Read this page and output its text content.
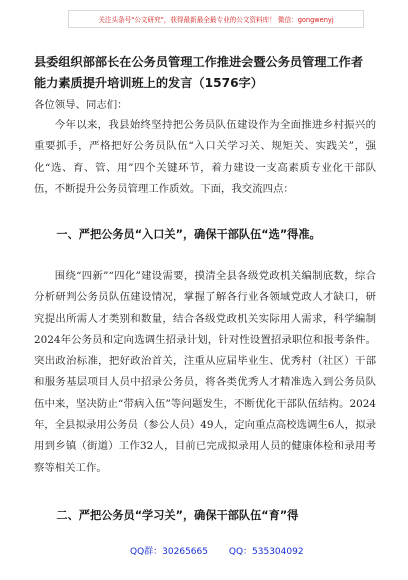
关注头条号"公文研究"，获得最新最全最专业的公文资料库！ 微信：gongwenyj
县委组织部部长在公务员管理工作推进会暨公务员管理工作者能力素质提升培训班上的发言（1576字）
各位领导、同志们：

今年以来，我县始终坚持把公务员队伍建设作为全面推进乡村振兴的重要抓手，严格把好公务员队伍“入口关学习关、规矩关、实践关”，强化“选、育、管、用”四个关键环节，着力建设一支高素质专业化干部队伍，不断提升公务员管理工作质效。下面，我交流四点：

一、严把公务员“入口关”，确保干部队伍“选”得准。

围绕“四新”“四化”建设需要，摸清全县各级党政机关编制底数，综合分析研判公务员队伍建设情况，掌握了解各行业各领域党政人才缺口，研究提出所需人才类别和数量，结合各级党政机关实际用人需求，科学编制2024年公务员和定向选调生招录计划，针对性设置招录职位和报考条件。突出政治标准，把好政治首关，注重从应届毕业生、优秀村（社区）干部和服务基层项目人员中招录公务员，将各类优秀人才精准选入到公务员队伍中来，坚决防止“带病入伍”等问题发生，不断优化干部队伍结构。2024年，全县拟录用公务员（参公人员）49人，定向重点高校选调生6人，拟录用到乡镇（街道）工作32人，目前已完成拟录用人员的健康体检和录用考察等相关工作。

二、严把公务员“学习关”，确保干部队伍“育”得
QQ群：30265665 QQ：535304092
